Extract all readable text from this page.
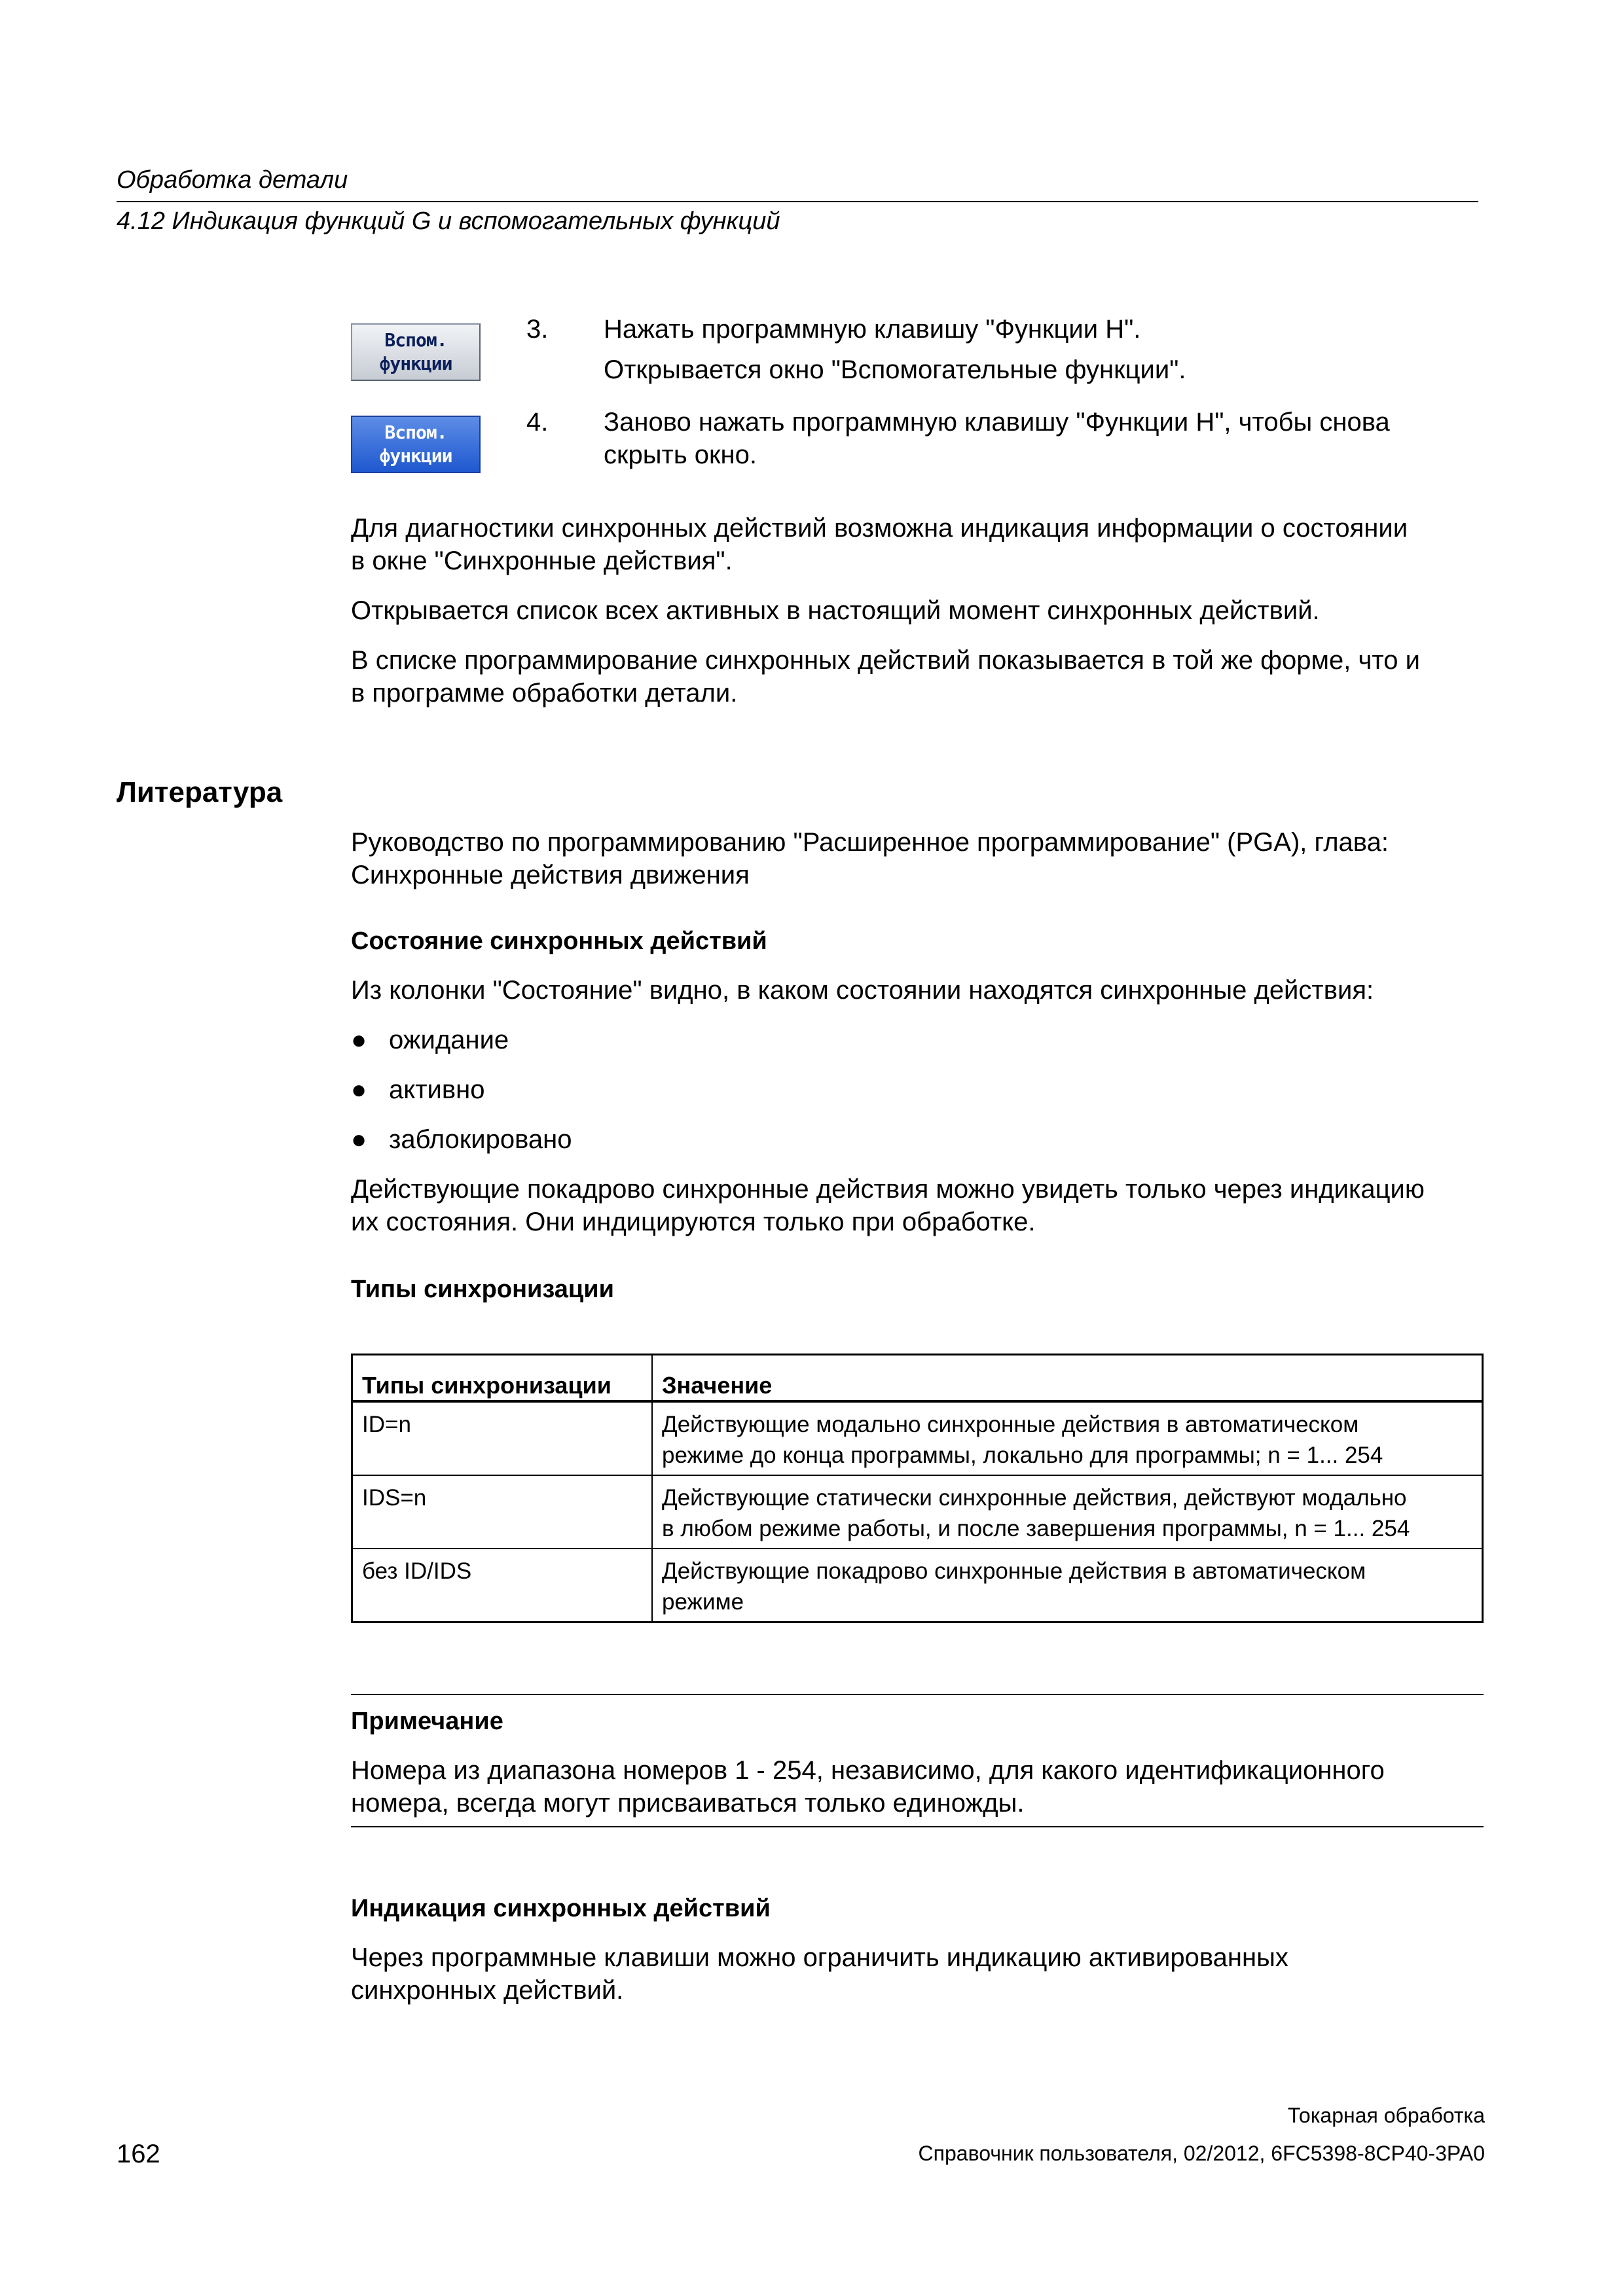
Обработка детали
4.12 Индикация функций G и вспомогательных функций
Вспом.
функции
Вспом.
функции
3. Нажать программную клавишу "Функции H".
Открывается окно "Вспомогательные функции".
4. Заново нажать программную клавишу "Функции H", чтобы снова
скрыть окно.
Для диагностики синхронных действий возможна индикация информации о состоянии
в окне "Синхронные действия".
Открывается список всех активных в настоящий момент синхронных действий.
В списке программирование синхронных действий показывается в той же форме, что и
в программе обработки детали.
Литература
Руководство по программированию "Расширенное программирование" (PGA), глава:
Синхронные действия движения
Состояние синхронных действий
Из колонки "Состояние" видно, в каком состоянии находятся синхронные действия:
● ожидание
● активно
● заблокировано
Действующие покадрово синхронные действия можно увидеть только через индикацию
их состояния. Они индицируются только при обработке.
Типы синхронизации
Типы синхронизации	Значение
ID=n	Действующие модально синхронные действия в автоматическом
режиме до конца программы, локально для программы; n = 1... 254

IDS=n	Действующие статически синхронные действия, действуют модально
в любом режиме работы, и после завершения программы, n = 1... 254

без ID/IDS	Действующие покадрово синхронные действия в автоматическом
режиме
Примечание
Номера из диапазона номеров 1 - 254, независимо, для какого идентификационного
номера, всегда могут присваиваться только единожды.
Индикация синхронных действий
Через программные клавиши можно ограничить индикацию активированных
синхронных действий.
Токарная обработка
Справочник пользователя, 02/2012, 6FC5398-8CP40-3PA0
162
